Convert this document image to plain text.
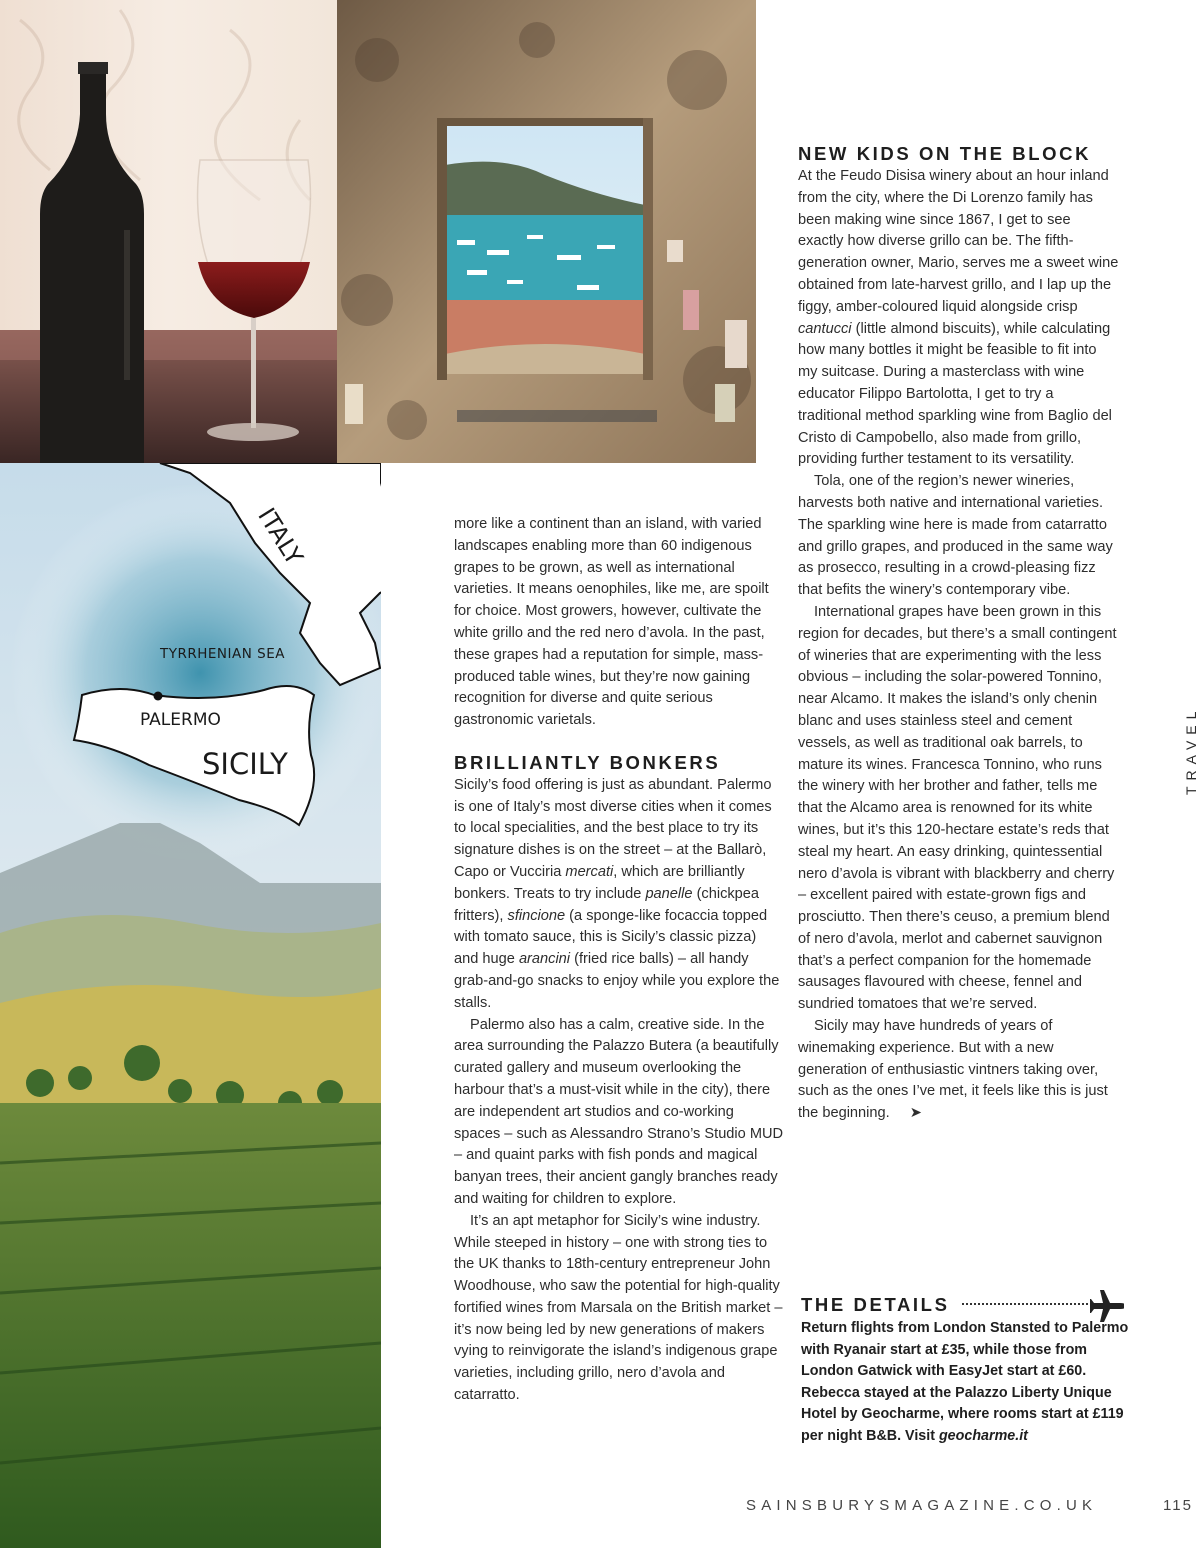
ITALY
TYRRHENIAN SEA
PALERMO
SICILY

more like a continent than an island, with varied landscapes enabling more than 60 indigenous grapes to be grown, as well as international varieties. It means oenophiles, like me, are spoilt for choice. Most growers, however, cultivate the white grillo and the red nero d’avola. In the past, these grapes had a reputation for simple, mass-produced table wines, but they’re now gaining recognition for diverse and quite serious gastronomic varietals.

BRILLIANTLY BONKERS

Sicily’s food offering is just as abundant. Palermo is one of Italy’s most diverse cities when it comes to local specialities, and the best place to try its signature dishes is on the street – at the Ballarò, Capo or Vucciria mercati, which are brilliantly bonkers. Treats to try include panelle (chickpea fritters), sfincione (a sponge-like focaccia topped with tomato sauce, this is Sicily’s classic pizza) and huge arancini (fried rice balls) – all handy grab-and-go snacks to enjoy while you explore the stalls.

Palermo also has a calm, creative side. In the area surrounding the Palazzo Butera (a beautifully curated gallery and museum overlooking the harbour that’s a must-visit while in the city), there are independent art studios and co-working spaces – such as Alessandro Strano’s Studio MUD – and quaint parks with fish ponds and magical banyan trees, their ancient gangly branches ready and waiting for children to explore.

It’s an apt metaphor for Sicily’s wine industry. While steeped in history – one with strong ties to the UK thanks to 18th-century entrepreneur John Woodhouse, who saw the potential for high-quality fortified wines from Marsala on the British market – it’s now being led by new generations of makers vying to reinvigorate the island’s indigenous grape varieties, including grillo, nero d’avola and catarratto.

NEW KIDS ON THE BLOCK

At the Feudo Disisa winery about an hour inland from the city, where the Di Lorenzo family has been making wine since 1867, I get to see exactly how diverse grillo can be. The fifth-generation owner, Mario, serves me a sweet wine obtained from late-harvest grillo, and I lap up the figgy, amber-coloured liquid alongside crisp cantucci (little almond biscuits), while calculating how many bottles it might be feasible to fit into my suitcase. During a masterclass with wine educator Filippo Bartolotta, I get to try a traditional method sparkling wine from Baglio del Cristo di Campobello, also made from grillo, providing further testament to its versatility.

Tola, one of the region’s newer wineries, harvests both native and international varieties. The sparkling wine here is made from catarratto and grillo grapes, and produced in the same way as prosecco, resulting in a crowd-pleasing fizz that befits the winery’s contemporary vibe.

International grapes have been grown in this region for decades, but there’s a small contingent of wineries that are experimenting with the less obvious – including the solar-powered Tonnino, near Alcamo. It makes the island’s only chenin blanc and uses stainless steel and cement vessels, as well as traditional oak barrels, to mature its wines. Francesca Tonnino, who runs the winery with her brother and father, tells me that the Alcamo area is renowned for its white wines, but it’s this 120-hectare estate’s reds that steal my heart. An easy drinking, quintessential nero d’avola is vibrant with blackberry and cherry – excellent paired with estate-grown figs and prosciutto. Then there’s ceuso, a premium blend of nero d’avola, merlot and cabernet sauvignon that’s a perfect companion for the homemade sausages flavoured with cheese, fennel and sundried tomatoes that we’re served.

Sicily may have hundreds of years of winemaking experience. But with a new generation of enthusiastic vintners taking over, such as the ones I’ve met, it feels like this is just the beginning. ➤

THE DETAILS
Return flights from London Stansted to Palermo with Ryanair start at £35, while those from London Gatwick with EasyJet start at £60. Rebecca stayed at the Palazzo Liberty Unique Hotel by Geocharme, where rooms start at £119 per night B&B. Visit geocharme.it
TRAVEL
SAINSBURYSMAGAZINE.CO.UK	115
